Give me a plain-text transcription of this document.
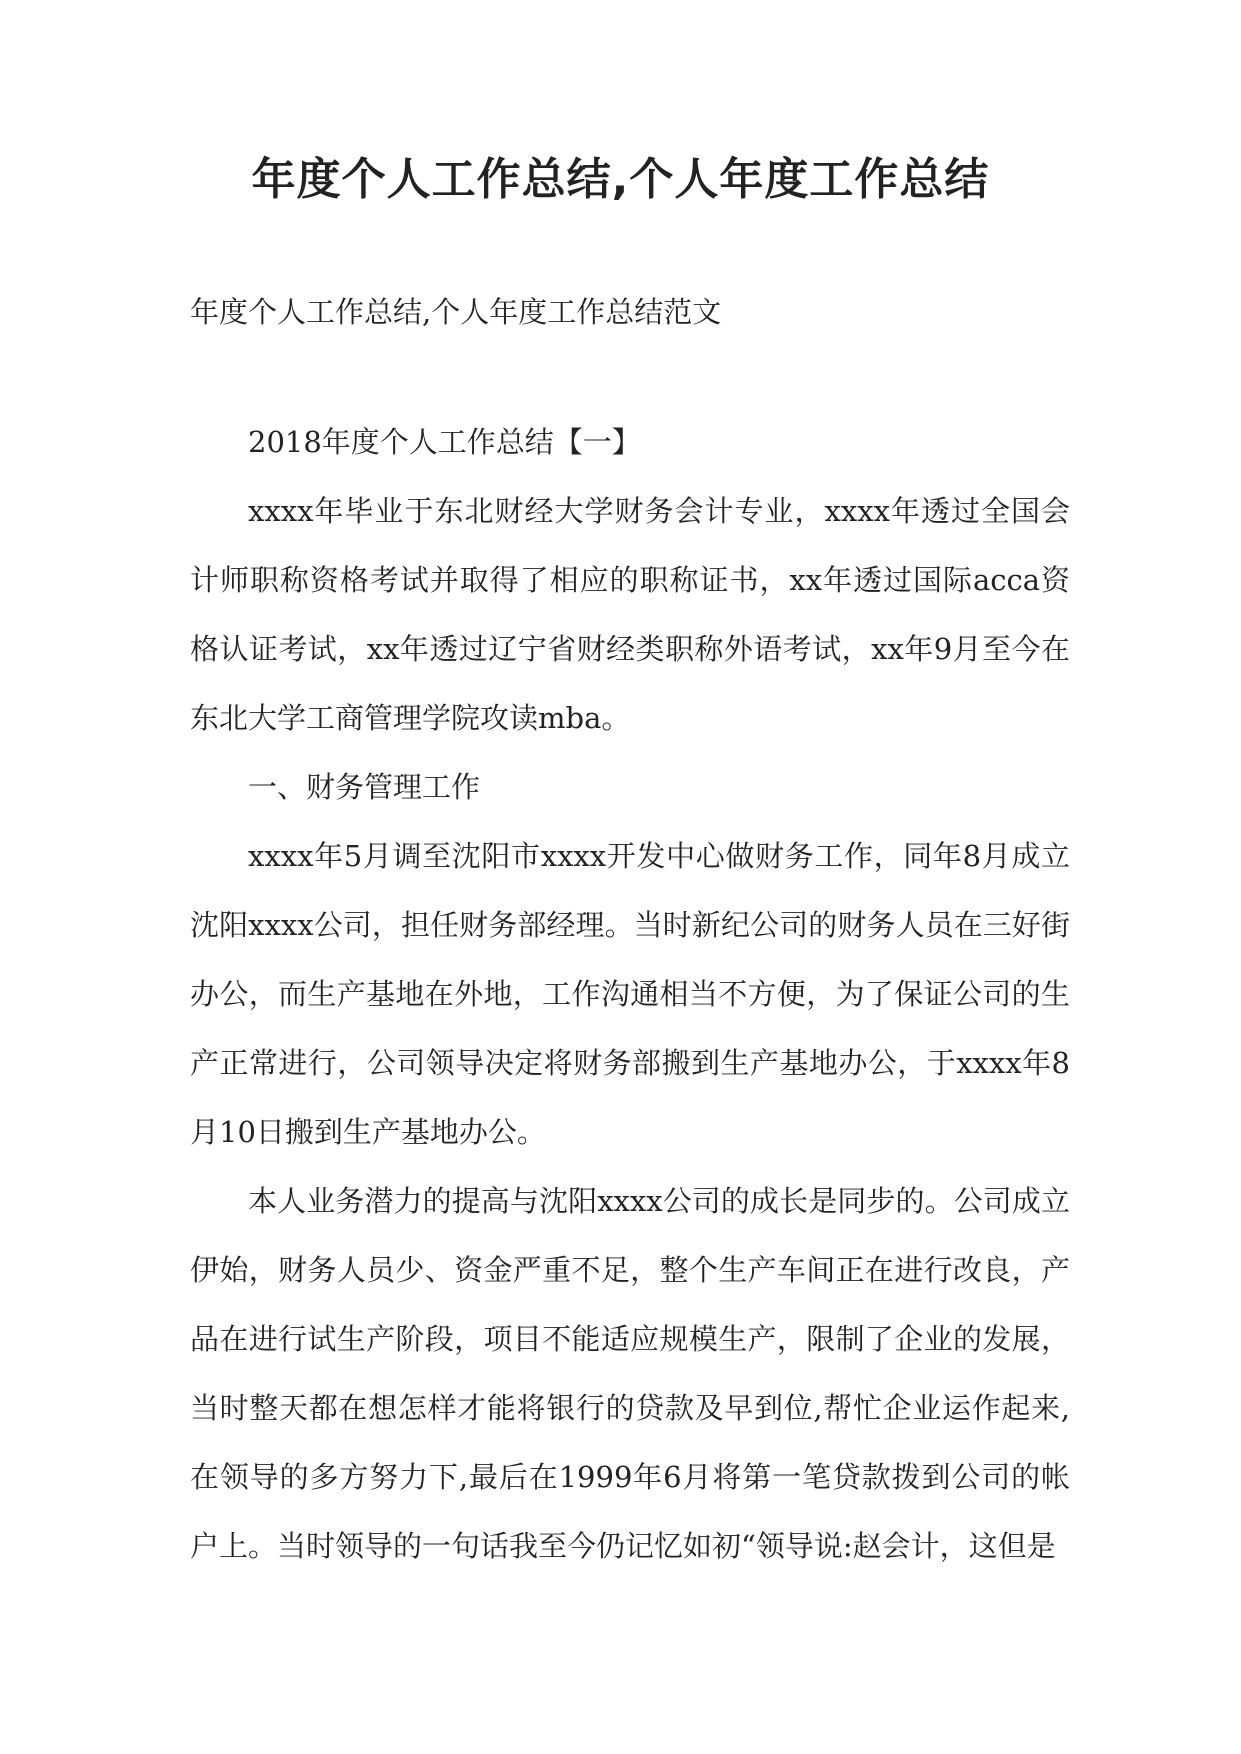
年度个人工作总结,个人年度工作总结

年度个人工作总结,个人年度工作总结范文

2018年度个人工作总结【一】

xxxx年毕业于东北财经大学财务会计专业，xxxx年透过全国会计师职称资格考试并取得了相应的职称证书，xx年透过国际acca资格认证考试，xx年透过辽宁省财经类职称外语考试，xx年9月至今在东北大学工商管理学院攻读mba。

一、财务管理工作

xxxx年5月调至沈阳市xxxx开发中心做财务工作，同年8月成立沈阳xxxx公司，担任财务部经理。当时新纪公司的财务人员在三好街办公，而生产基地在外地，工作沟通相当不方便，为了保证公司的生产正常进行，公司领导决定将财务部搬到生产基地办公，于xxxx年8月10日搬到生产基地办公。

本人业务潜力的提高与沈阳xxxx公司的成长是同步的。公司成立伊始，财务人员少、资金严重不足，整个生产车间正在进行改良，产品在进行试生产阶段，项目不能适应规模生产，限制了企业的发展，当时整天都在想怎样才能将银行的贷款及早到位,帮忙企业运作起来,在领导的多方努力下,最后在1999年6月将第一笔贷款拨到公司的帐户上。当时领导的一句话我至今仍记忆如初“领导说:赵会计，这但是
